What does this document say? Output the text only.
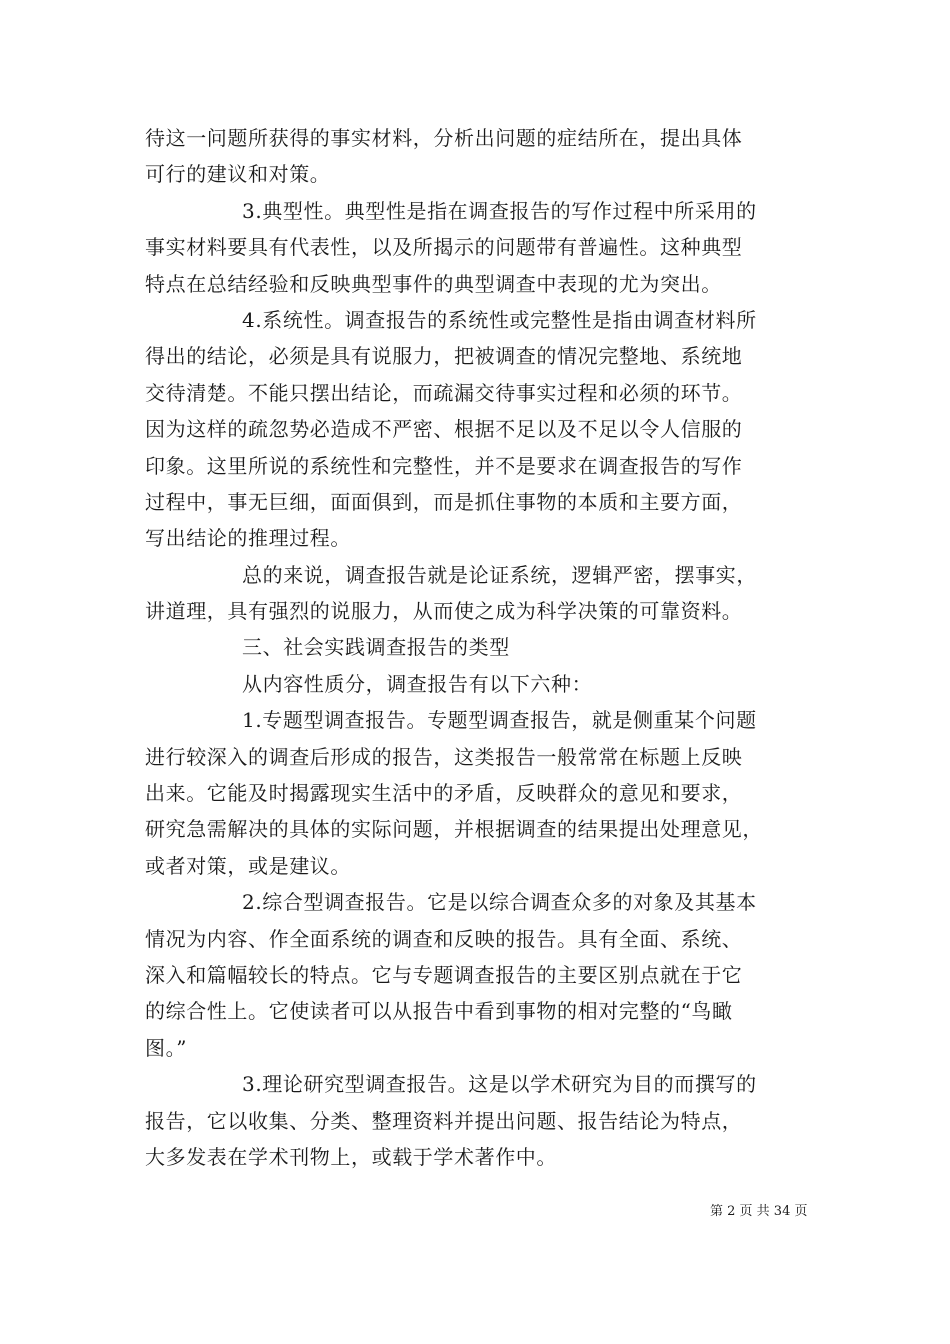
待这一问题所获得的事实材料，分析出问题的症结所在，提出具体
可行的建议和对策。
3.典型性。典型性是指在调查报告的写作过程中所采用的
事实材料要具有代表性，以及所揭示的问题带有普遍性。这种典型
特点在总结经验和反映典型事件的典型调查中表现的尤为突出。
4.系统性。调查报告的系统性或完整性是指由调查材料所
得出的结论，必须是具有说服力，把被调查的情况完整地、系统地
交待清楚。不能只摆出结论，而疏漏交待事实过程和必须的环节。
因为这样的疏忽势必造成不严密、根据不足以及不足以令人信服的
印象。这里所说的系统性和完整性，并不是要求在调查报告的写作
过程中，事无巨细，面面俱到，而是抓住事物的本质和主要方面，
写出结论的推理过程。
总的来说，调查报告就是论证系统，逻辑严密，摆事实，
讲道理，具有强烈的说服力，从而使之成为科学决策的可靠资料。
三、社会实践调查报告的类型
从内容性质分，调查报告有以下六种：
1.专题型调查报告。专题型调查报告，就是侧重某个问题
进行较深入的调查后形成的报告，这类报告一般常常在标题上反映
出来。它能及时揭露现实生活中的矛盾，反映群众的意见和要求，
研究急需解决的具体的实际问题，并根据调查的结果提出处理意见，
或者对策，或是建议。
2.综合型调查报告。它是以综合调查众多的对象及其基本
情况为内容、作全面系统的调查和反映的报告。具有全面、系统、
深入和篇幅较长的特点。它与专题调查报告的主要区别点就在于它
的综合性上。它使读者可以从报告中看到事物的相对完整的“鸟瞰
图。”
3.理论研究型调查报告。这是以学术研究为目的而撰写的
报告，它以收集、分类、整理资料并提出问题、报告结论为特点，
大多发表在学术刊物上，或载于学术著作中。
第 2 页 共 34 页
